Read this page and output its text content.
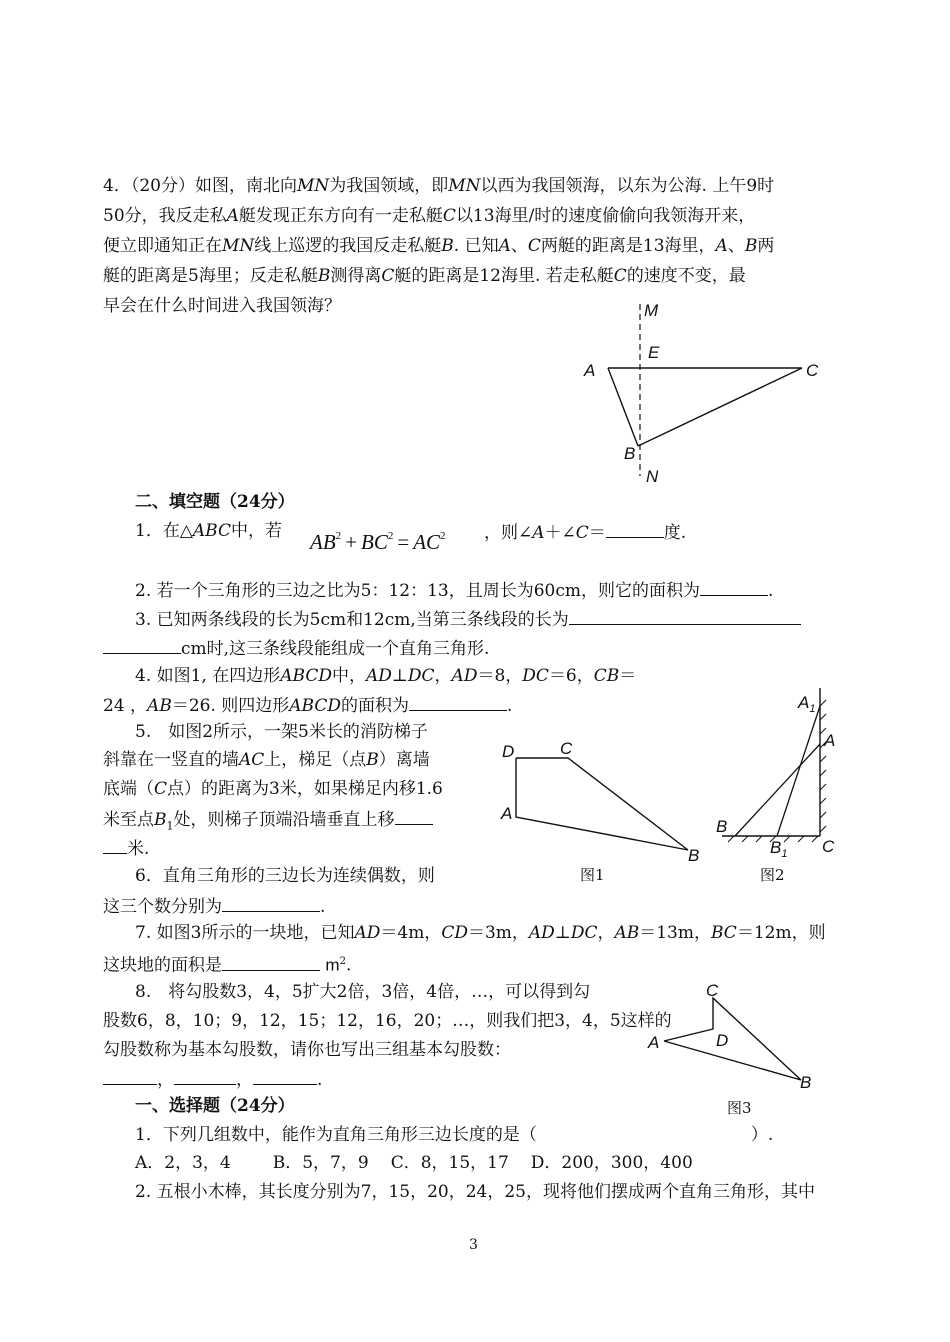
4．（20分）如图，南北向MN为我国领域，即MN以西为我国领海，以东为公海. 上午9时
50分，我反走私A艇发现正东方向有一走私艇C以13海里/时的速度偷偷向我领海开来，
便立即通知正在MN线上巡逻的我国反走私艇B. 已知A、C两艇的距离是13海里，A、B两
艇的距离是5海里；反走私艇B测得离C艇的距离是12海里. 若走私艇C的速度不变，最
早会在什么时间进入我国领海？	M
E
A	C
B
N
二、填空题（24分）
1．在△ABC中，若 $AB^2 + BC^2 = AC^2$ ，则∠A＋∠C＝	度.
2. 若一个三角形的三边之比为5：12：13，且周长为60cm，则它的面积为	.
3. 已知两条线段的长为5cm和12cm,当第三条线段的长为
cm时,这三条线段能组成一个直角三角形.
4. 如图1, 在四边形ABCD中，AD⊥DC，AD＝8，DC＝6，CB＝
24 ，AB＝26. 则四边形ABCD的面积为	.
5.　如图2所示，一架5米长的消防梯子
斜靠在一竖直的墙AC上，梯足（点B）离墙
底端（C点）的距离为3米，如果梯足内移1.6
米至点$B_1$处，则梯子顶端沿墙垂直上移
米.
6．直角三角形的三边长为连续偶数，则
这三个数分别为	.
D	C
A
B
图1
$A_1$
A
B
$B_1$ C
图2
7. 如图3所示的一块地，已知AD＝4m，CD＝3m，AD⊥DC，AB＝13m，BC＝12m，则
这块地的面积是	$m^2$.
8.　将勾股数3，4，5扩大2倍，3倍，4倍，…，可以得到勾
股数6，8，10；9，12，15；12，16，20；…，则我们把3，4，5这样的
勾股数称为基本勾股数，请你也写出三组基本勾股数：
，	，	.
C
D
A
B
图3
一、选择题（24分）
1．下列几组数中，能作为直角三角形三边长度的是（	）.
A．2，3，4 B．5，7，9 C．8，15，17 D．200，300，400
2. 五根小木棒，其长度分别为7，15，20，24，25，现将他们摆成两个直角三角形，其中
3
